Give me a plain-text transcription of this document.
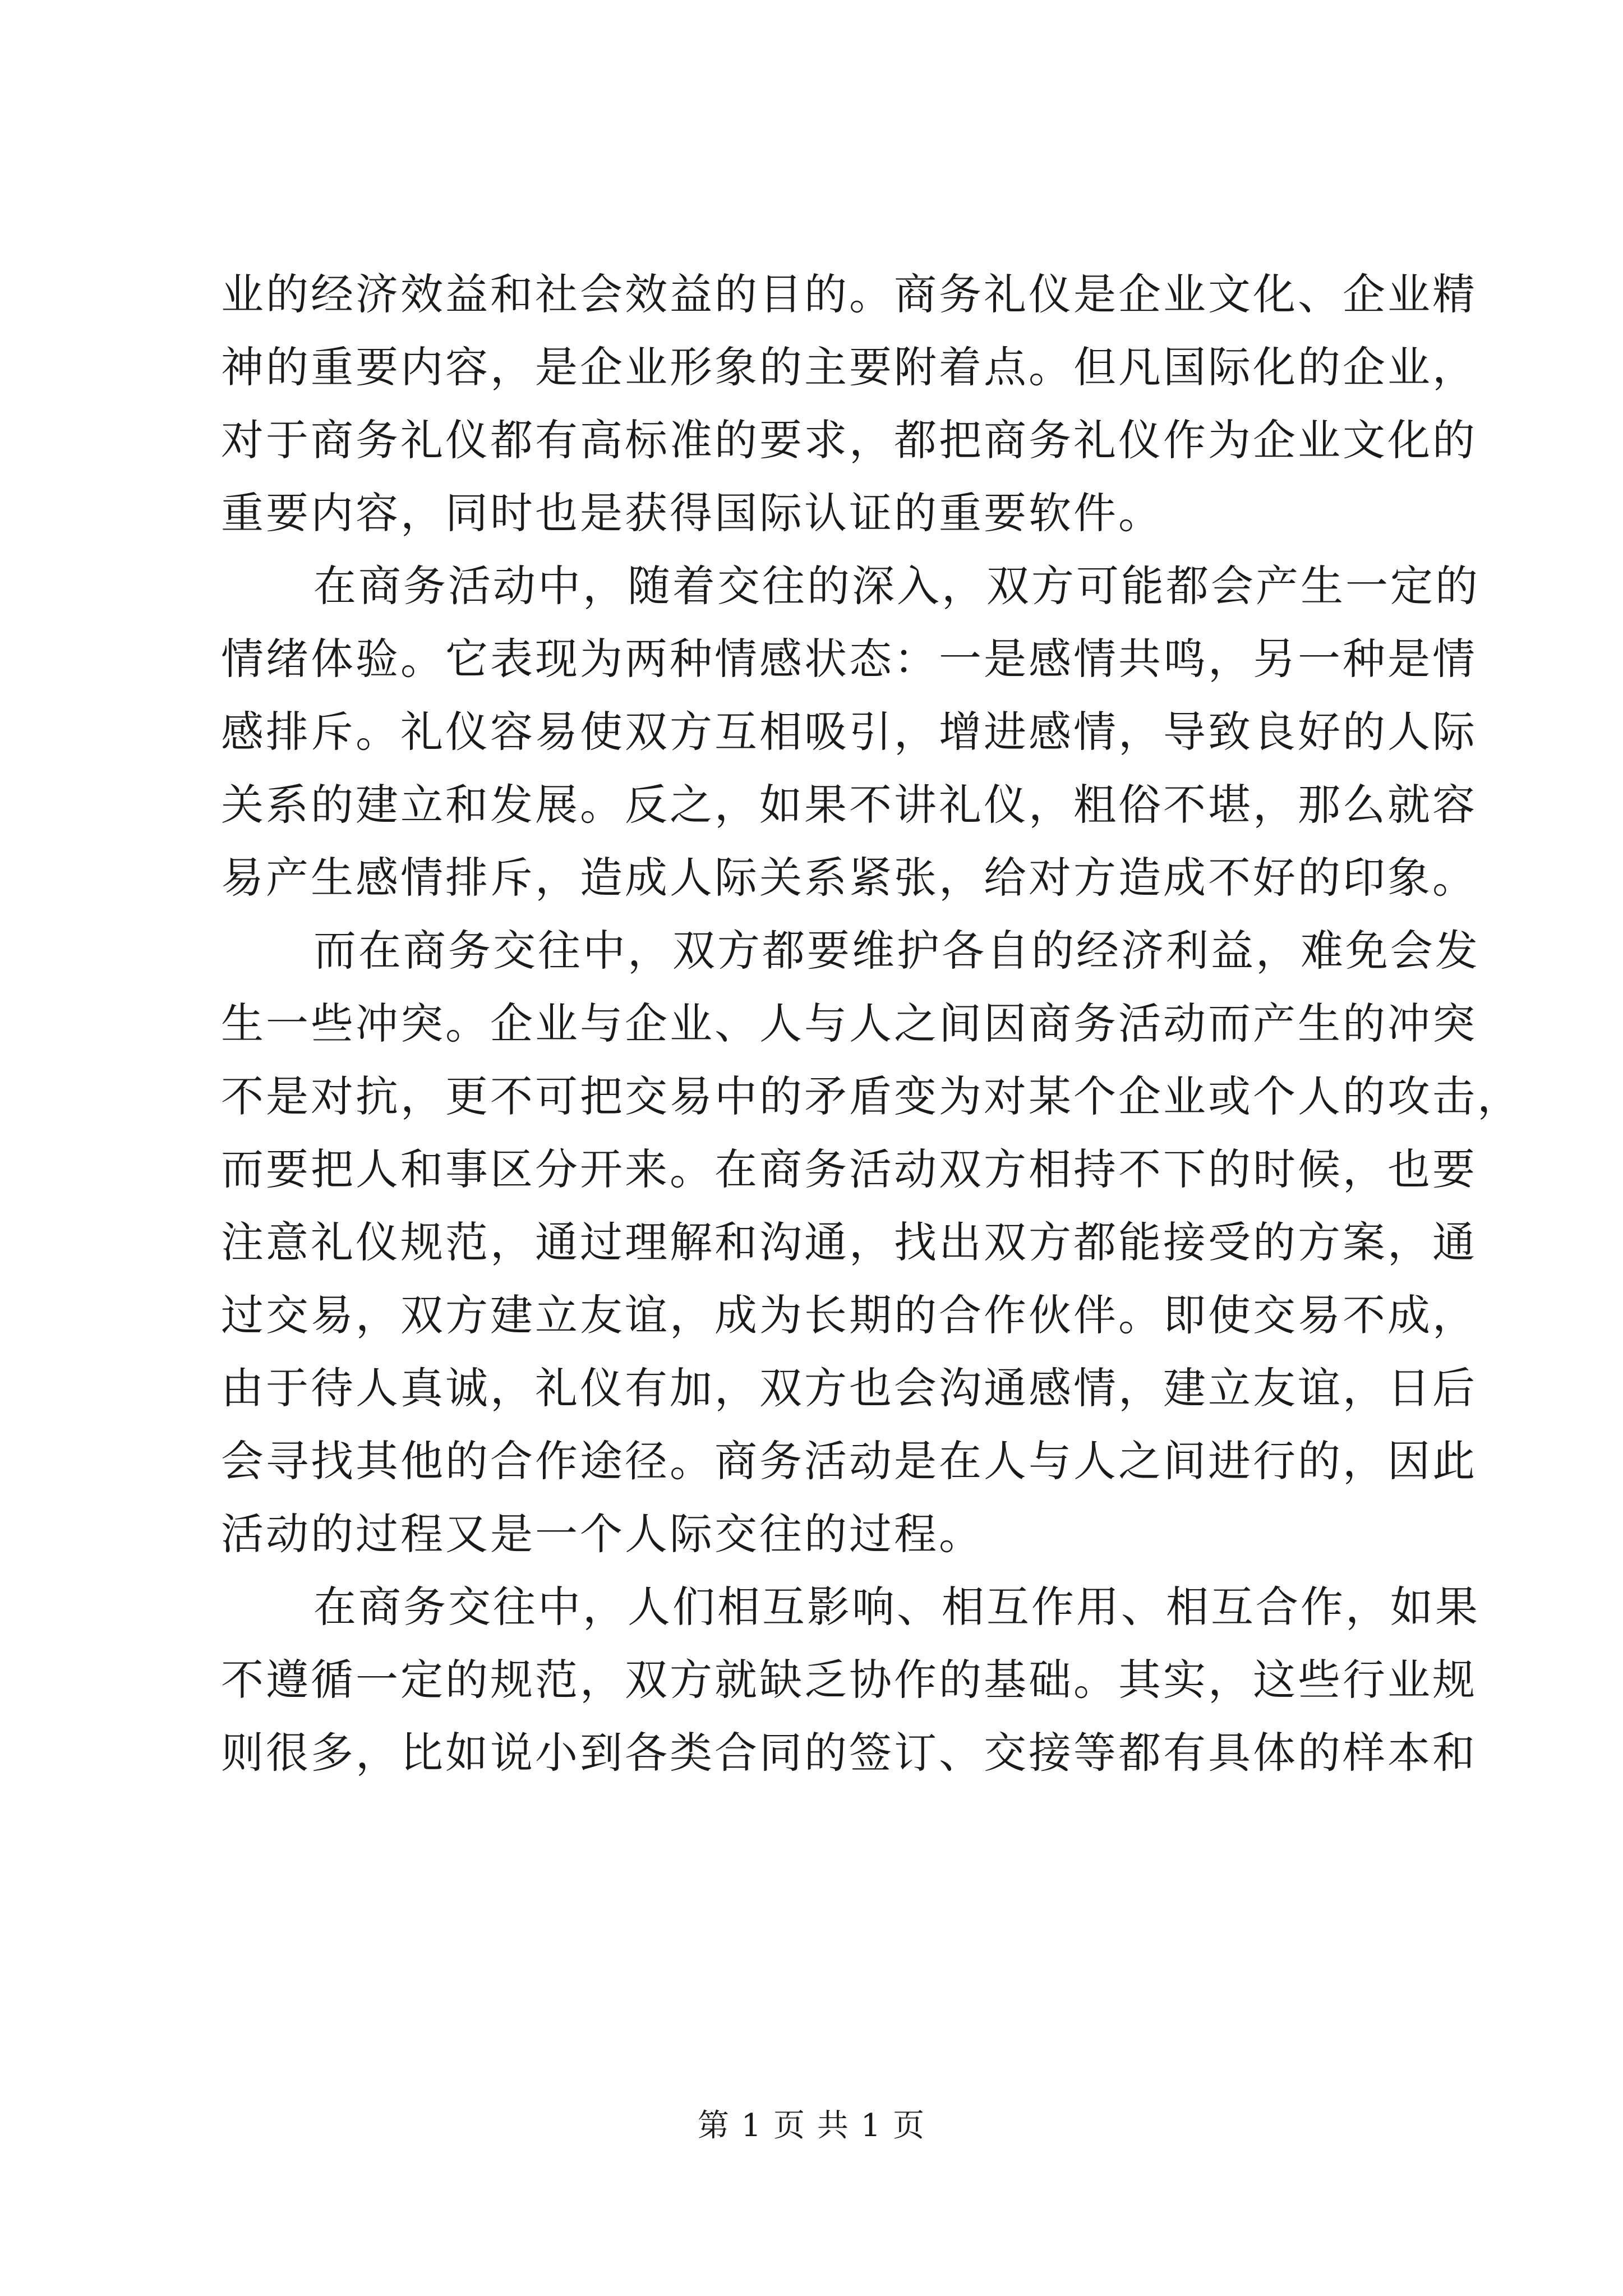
业的经济效益和社会效益的目的。商务礼仪是企业文化、企业精
神的重要内容，是企业形象的主要附着点。但凡国际化的企业，
对于商务礼仪都有高标准的要求，都把商务礼仪作为企业文化的
重要内容，同时也是获得国际认证的重要软件。
在商务活动中，随着交往的深入，双方可能都会产生一定的
情绪体验。它表现为两种情感状态：一是感情共鸣，另一种是情
感排斥。礼仪容易使双方互相吸引，增进感情，导致良好的人际
关系的建立和发展。反之，如果不讲礼仪，粗俗不堪，那么就容
易产生感情排斥，造成人际关系紧张，给对方造成不好的印象。
而在商务交往中，双方都要维护各自的经济利益，难免会发
生一些冲突。企业与企业、人与人之间因商务活动而产生的冲突
不是对抗，更不可把交易中的矛盾变为对某个企业或个人的攻击，
而要把人和事区分开来。在商务活动双方相持不下的时候，也要
注意礼仪规范，通过理解和沟通，找出双方都能接受的方案，通
过交易，双方建立友谊，成为长期的合作伙伴。即使交易不成，
由于待人真诚，礼仪有加，双方也会沟通感情，建立友谊，日后
会寻找其他的合作途径。商务活动是在人与人之间进行的，因此
活动的过程又是一个人际交往的过程。
在商务交往中，人们相互影响、相互作用、相互合作，如果
不遵循一定的规范，双方就缺乏协作的基础。其实，这些行业规
则很多，比如说小到各类合同的签订、交接等都有具体的样本和
第 1 页 共 1 页
